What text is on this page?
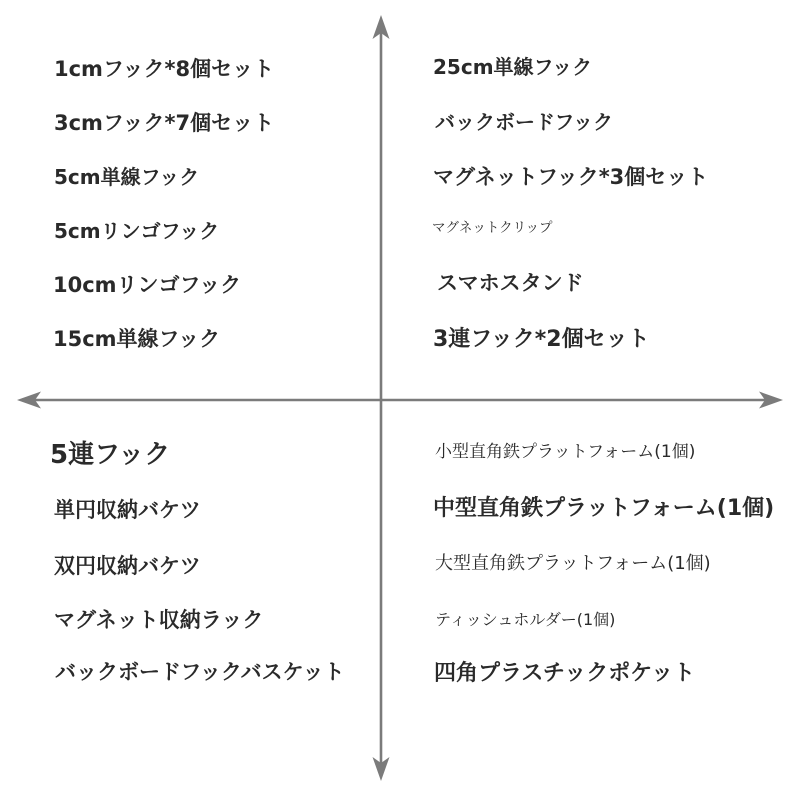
1cmフック*8個セット
3cmフック*7個セット
5cm単線フック
5cmリンゴフック
10cmリンゴフック
15cm単線フック
25cm単線フック
バックボードフック
マグネットフック*3個セット
マグネットクリップ
スマホスタンド
3連フック*2個セット
5連フック
単円収納バケツ
双円収納バケツ
マグネット収納ラック
バックボードフックバスケット
小型直角鉄プラットフォーム(1個)
中型直角鉄プラットフォーム(1個)
大型直角鉄プラットフォーム(1個)
ティッシュホルダー(1個)
四角プラスチックポケット
